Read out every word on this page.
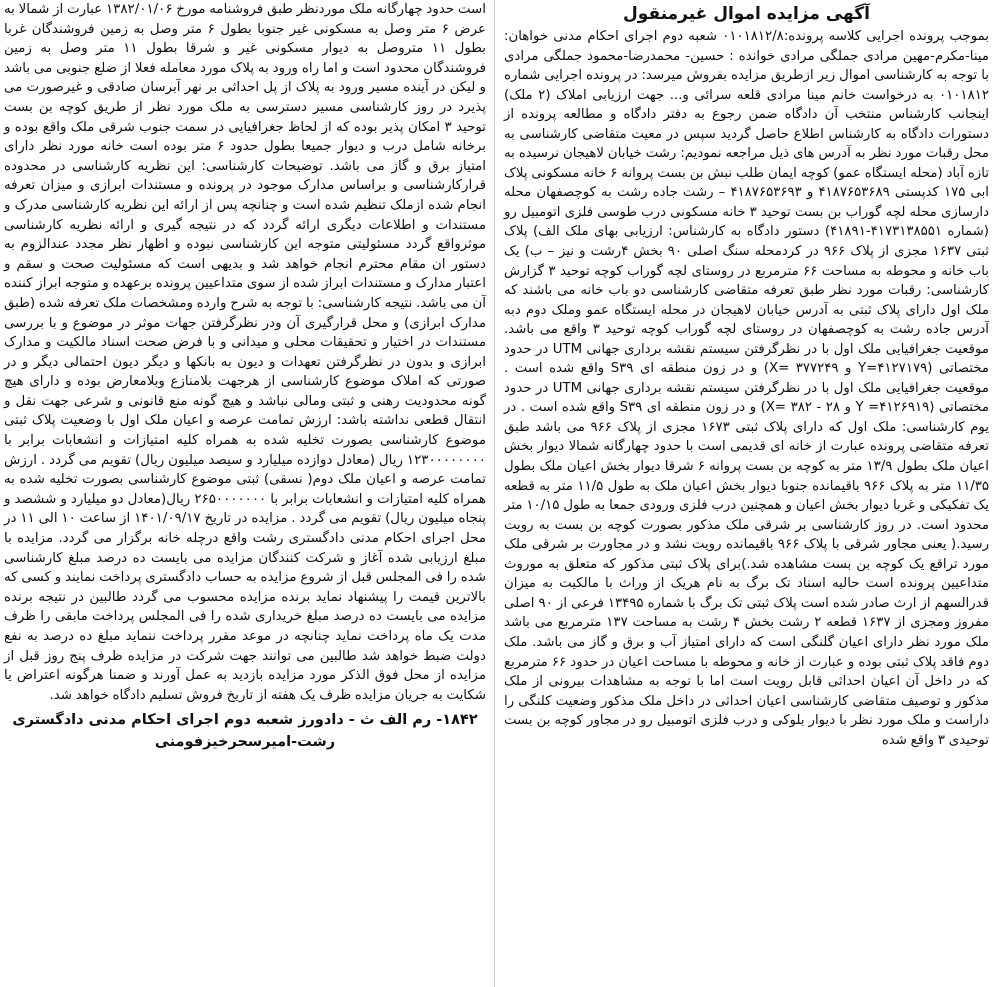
آگهی مزایده اموال غیرمنقول

بموجب پرونده اجرایی کلاسه پرونده:۰۱۰۱۸۱۲/۸ شعبه دوم اجرای احکام مدنی خواهان: مینا-مکرم-مهین مرادی جملگی مرادی خوانده : حسین- محمدرضا-محمود جملگی مرادی با توجه به کارشناسی اموال زیر ازطریق مزایده بفروش میرسد: در پرونده اجرایی شماره ۰۱۰۱۸۱۲ به درخواست خانم مینا مرادی قلعه سرائی و... جهت ارزیابی املاک (۲ ملک) اینجانب کارشناس منتخب آن دادگاه ضمن رجوع به دفتر دادگاه و مطالعه پرونده از دستورات دادگاه به کارشناس اطلاع حاصل گردید سپس در معیت متقاضی کارشناسی به محل رقبات مورد نظر به آدرس های ذیل مراجعه نمودیم: رشت خیابان لاهیجان نرسیده به تازه آباد (محله ایستگاه عمو) کوچه ایمان طلب نبش بن بست پروانه ۶ خانه مسکونی پلاک ابی ۱۷۵ کدپستی ۴۱۸۷۶۵۳۶۸۹ و ۴۱۸۷۶۵۳۶۹۳ – رشت جاده رشت به کوچصفهان محله دارسازی محله لچه گوراب بن بست توحید ۳ خانه مسکونی درب طوسی فلزی اتومبیل رو (شماره ۴۱۷۳۱۳۸۵۵۱-۴۱۸۹۱) دستور دادگاه به کارشناس: ارزیابی بهای ملک الف) پلاک ثبتی ۱۶۳۷ مجزی از پلاک ۹۶۶ در کردمحله سنگ اصلی ۹۰ بخش ۴رشت و نیز – ب) یک باب خانه و محوطه به مساحت ۶۶ مترمربع در روستای لچه گوراب کوچه توحید ۳ گزارش کارشناسی: رقبات مورد نظر طبق تعرفه متقاضی کارشناسی دو باب خانه می باشند که ملک اول دارای پلاک ثبتی به آدرس خیابان لاهیجان در محله ایستگاه عمو وملک دوم دبه آدرس جاده رشت به کوچصفهان در روستای لچه گوراب کوچه توحید ۳ واقع می باشد. موقعیت جغرافیایی ملک اول با در نظرگرفتن سیستم نقشه برداری جهانی UTM در حدود مختصاتی (۴۱۲۷۱۷۹=Y و ۳۷۷۲۴۹ =X) و در زون منطقه ای S۳۹ واقع شده است . موقعیت جغرافیایی ملک اول با در نظرگرفتن سیستم نقشه برداری جهانی UTM در حدود مختصاتی (۴۱۲۶۹۱۹= Y و ۲۸ - ۳۸۲ =X) و در زون منطقه ای S۳۹ واقع شده است . در یوم کارشناسی: ملک اول که دارای پلاک ثبتی ۱۶۷۳ مجزی از پلاک ۹۶۶ می باشد طبق تعرفه متقاضی پرونده عبارت از خانه ای قدیمی است با حدود چهارگانه شمالا دیوار بخش اعیان ملک بطول ۱۳/۹ متر به کوچه بن بست پروانه ۶ شرقا دیوار بخش اعیان ملک بطول ۱۱/۳۵ متر به پلاک ۹۶۶ باقیمانده جنوبا دیوار بخش اعیان ملک به طول ۱۱/۵ متر به قطعه یک تفکیکی و غربا دیوار بخش اعیان و همچنین درب فلزی ورودی جمعا به طول ۱۰/۱۵ متر محدود است. در روز کارشناسی بر شرقی ملک مذکور بصورت کوچه بن بست به رویت رسید.( یعنی مجاور شرقی با پلاک ۹۶۶ باقیمانده رویت نشد و در مجاورت بر شرقی ملک مورد تراقع یک کوچه بن بست مشاهده شد.)برای پلاک ثبتی مذکور که متعلق به موروث متداعیین پرونده است حالیه اسناد تک برگ به نام هریک از وراث با مالکیت به میزان قدرالسهم از ارث صادر شده است پلاک ثبتی تک برگ با شماره ۱۳۴۹۵ فرعی از ۹۰ اصلی مفروز ومجزی از ۱۶۳۷ قطعه ۲ رشت بخش ۴ رشت به مساحت ۱۳۷ مترمربع می باشد ملک مورد نظر دارای اعیان گلنگی است که دارای امتیاز آب و برق و گاز می باشد. ملک دوم فاقد پلاک ثبتی بوده و عبارت از خانه و محوطه با مساحت اعیان در حدود ۶۶ مترمربع که در داخل آن اعیان احداثی قابل رویت است اما با توجه به مشاهدات بیرونی از ملک مذکور و توصیف متقاضی کارشناسی اعیان احداثی در داخل ملک مذکور وضعیت کلنگی را داراست و ملک مورد نظر با دیوار بلوکی و درب فلزی اتومبیل رو در مجاور کوچه بن بست توحیدی ۳ واقع شده

است حدود چهارگانه ملک موردنظر طبق فروشنامه مورخ ۱۳۸۲/۰۱/۰۶ عبارت از شمالا به عرض ۶ متر وصل به مسکونی غیر جنوبا بطول ۶ متر وصل به زمین فروشندگان غربا بطول ۱۱ متروصل به دیوار مسکونی غیر و شرقا بطول ۱۱ متر وصل به زمین فروشندگان محدود است و اما راه ورود به پلاک مورد معامله فعلا از ضلع جنوبی می باشد و لیکن در آینده مسیر ورود به پلاک از پل احداثی بر نهر آبرسان صادقی و غیرصورت می پذیرد در روز کارشناسی مسیر دسترسی به ملک مورد نظر از طریق کوچه بن بست توحید ۳ امکان پذیر بوده که از لحاظ جغرافیایی در سمت جنوب شرقی ملک واقع بوده و برخانه شامل درب و دیوار جمیعا بطول حدود ۶ متر بوده است خانه مورد نظر دارای امتیاز برق و گاز می باشد. توضیحات کارشناسی: این نظریه کارشناسی در محدوده قرارکارشناسی و براساس مدارک موجود در پرونده و مستندات ابرازی و میزان تعرفه انجام شده ازملک تنظیم شده است و چنانچه پس از ارائه این نظریه کارشناسی مدرک و مستندات و اطلاعات دیگری ارائه گردد که در نتیجه گیری و ارائه نظریه کارشناسی موثرواقع گردد مسئولیتی متوجه این کارشناسی نبوده و اظهار نظر مجدد عندالزوم به دستور ان مقام محترم انجام خواهد شد و بدیهی است که مسئولیت صحت و سقم و اعتبار مدارک و مستندات ابراز شده از سوی متداعیین پرونده برعهده و متوجه ابراز کننده آن می باشد. نتیجه کارشناسی: با توجه به شرح وارده ومشخصات ملک تعرفه شده (طبق مدارک ابرازی) و محل قرارگیری آن ودر نظرگرفتن جهات موثر در موضوع و با بررسی مستندات در اختیار و تحقیقات محلی و میدانی و با فرض صحت اسناد مالکیت و مدارک ابرازی و بدون در نظرگرفتن تعهدات و دیون به بانکها و دیگر دیون احتمالی دیگر و در صورتی که املاک موضوع کارشناسی از هرجهت بلامنازع وبلامعارض بوده و دارای هیچ گونه محدودیت رهنی و ثبتی ومالی نباشد و هیچ گونه منع قانونی و شرعی جهت نقل و انتقال قطعی نداشته باشد: ارزش تمامت عرصه و اعیان ملک اول با وضعیت پلاک ثبتی موضوع کارشناسی بصورت تخلیه شده به همراه کلیه امتیازات و انشعابات برابر با ۱۲۳۰۰۰۰۰۰۰۰ ریال (معادل دوازده میلیارد و سیصد میلیون ریال) تقویم می گردد . ارزش تمامت عرصه و اعیان ملک دوم( نسقی) ثبتی موضوع کارشناسی بصورت تخلیه شده به همراه کلیه امتیازات و انشعابات برابر با ۲۶۵۰۰۰۰۰۰۰ ریال(معادل دو میلیارد و ششصد و پنجاه میلیون ریال) تقویم می گردد . مزایده در تاریخ ۱۴۰۱/۰۹/۱۷ از ساعت ۱۰ الی ۱۱ در محل اجرای احکام مدنی دادگستری رشت واقع درچله خانه برگزار می گردد. مزایده با مبلغ ارزیابی شده آغاز و شرکت کنندگان مزایده می بایست ده درصد مبلغ کارشناسی شده را فی المجلس قبل از شروع مزایده به حساب دادگستری پرداخت نمایند و کسی که بالاترین قیمت را پیشنهاد نماید برنده مزایده محسوب می گردد طالبین در نتیجه برنده مزایده می بایست ده درصد مبلغ خریداری شده را فی المجلس پرداخت مابقی را ظرف مدت یک ماه پرداخت نماید چنانچه در موعد مقرر پرداخت ننماید مبلغ ده درصد به نفع دولت ضبط خواهد شد طالبین می توانند جهت شرکت در مزایده ظرف پنج روز قبل از مزایده از محل فوق الذکر مورد مزایده بازدید به عمل آورند و ضمنا هرگونه اعتراض یا شکایت به جریان مزایده ظرف یک هفته از تاریخ فروش تسلیم دادگاه خواهد شد.

۱۸۴۲- رم الف ث - دادورز شعبه دوم اجرای احکام مدنی دادگستری
رشت-امیرسحرخیزفومنی
